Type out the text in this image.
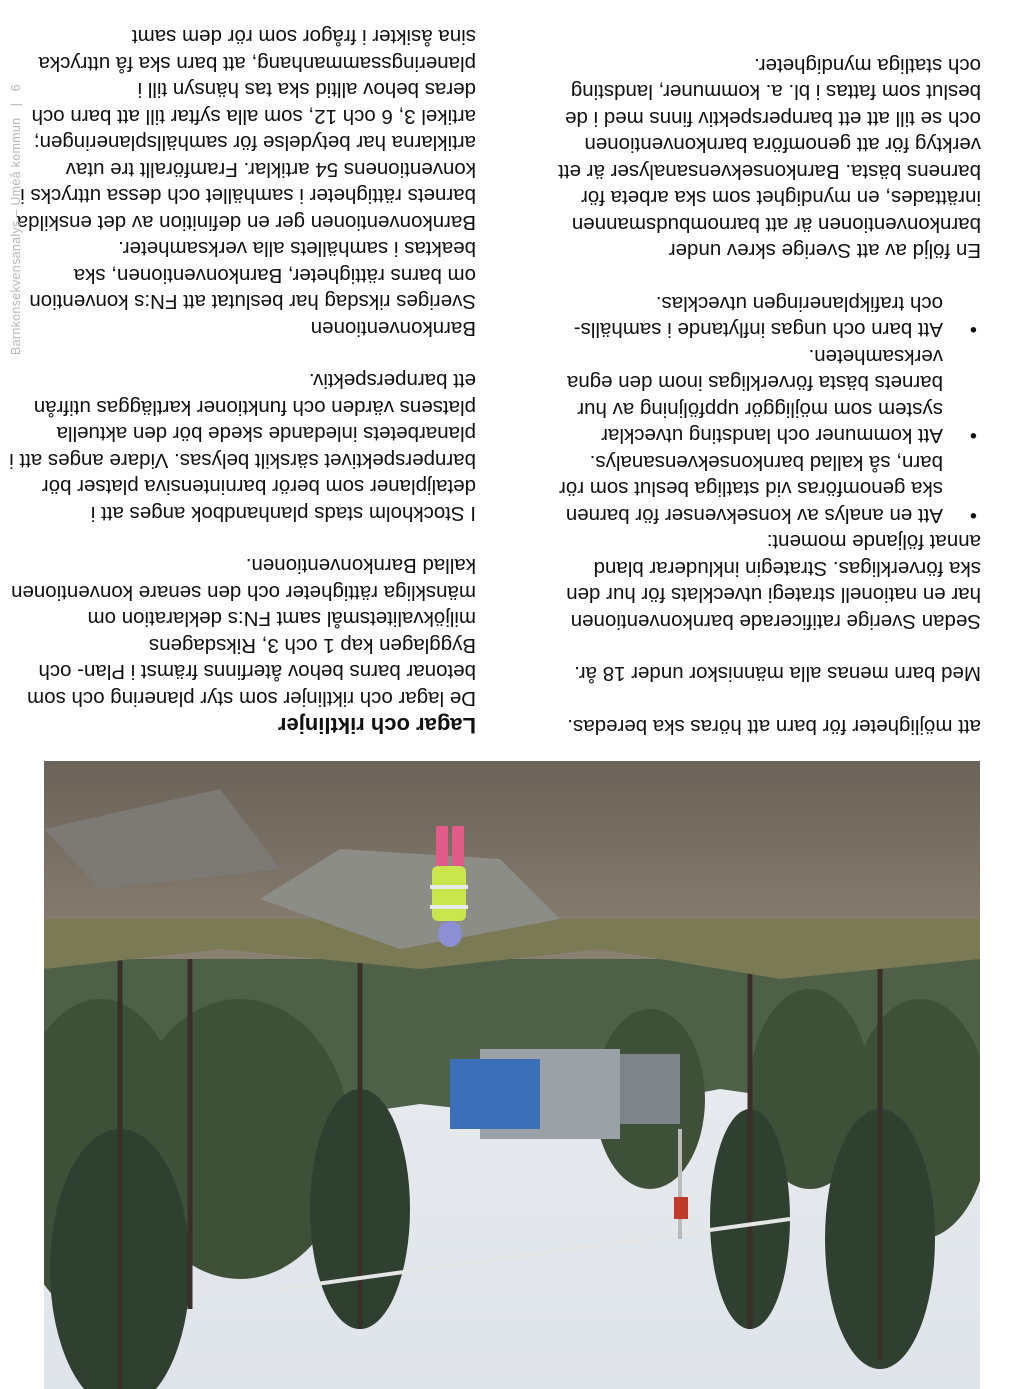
att möjligheter för barn att höras ska beredas.

Med barn menas alla människor under 18 år.

Sedan Sverige ratificerade barnkonventionen har en nationell strategi utvecklats för hur den ska förverkligas. Strategin inkluderar bland annat följande moment:

• Att en analys av konsekvenser för barnen ska genomföras vid statliga beslut som rör barn, så kallad barnkonsekvensanalys.
• Att kommuner och landsting utvecklar system som möjliggör uppföljning av hur barnets bästa förverkligas inom den egna verksamheten.
• Att barn och ungas inflytande i samhälls- och trafikplaneringen utvecklas.

En följd av att Sverige skrev under barnkonventionen är att barnombudsmannen inrättades, en myndighet som ska arbeta för barnens bästa. Barnkonsekvensanalyser är ett verktyg för att genomföra barnkonventionen och se till att ett barnperspektiv finns med i de beslut som fattas i bl. a. kommuner, landsting och statliga myndigheter.

Lagar och riktlinjer

De lagar och riktlinjer som styr planering och som betonar barns behov återfinns främst i Plan- och Bygglagen kap 1 och 3, Riksdagens miljökvalitetsmål samt FN:s deklaration om mänskliga rättigheter och den senare konventionen kallad Barnkonventionen.

I Stockholm stads planhandbok anges att i detaljplaner som berör barnintensiva platser bör barnperspektivet särskilt belysas. Vidare anges att i planarbetets inledande skede bör den aktuella platsens värden och funktioner kartläggas utifrån ett barnperspektiv.

Barnkonventionen

Sveriges riksdag har beslutat att FN:s konvention om barns rättigheter, Barnkonventionen, ska beaktas i samhällets alla verksamheter. Barnkonventionen ger en definition av det enskilda barnets rättigheter i samhället och dessa uttrycks i konventionens 54 artiklar. Framförallt tre utav artiklarna har betydelse för samhällsplaneringen; artikel 3, 6 och 12, som alla syftar till att barn och deras behov alltid ska tas hänsyn till i planeringssammanhang, att barn ska få uttrycka sina åsikter i frågor som rör dem samt

Barnkonsekvensanalys – Umeå kommun   |   6
